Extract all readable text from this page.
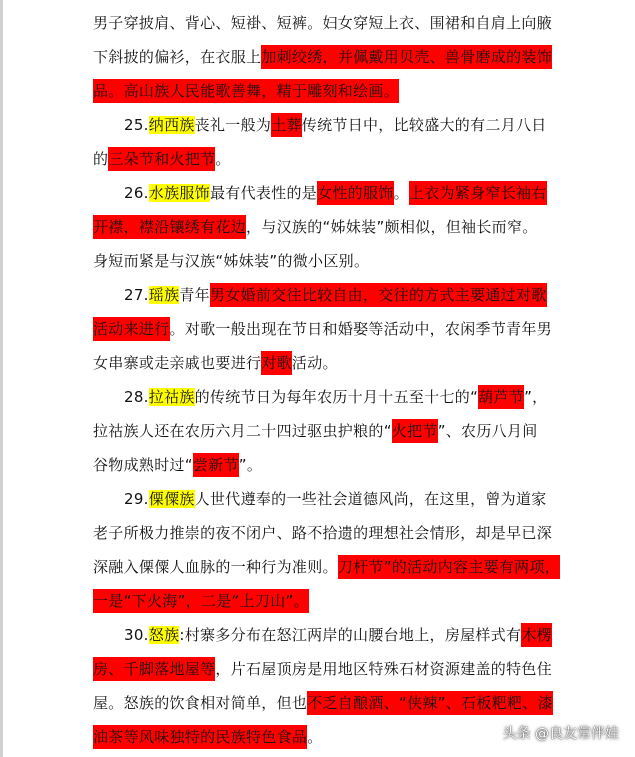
男子穿披肩、背心、短褂、短裤。妇女穿短上衣、围裙和自肩上向腋
下斜披的偏衫，在衣服上加刺绞绣，并佩戴用贝壳、兽骨磨成的装饰
品。高山族人民能歌善舞，精于雕刻和绘画。
25.纳西族丧礼一般为土葬传统节日中，比较盛大的有二月八日
的三朵节和火把节。
26.水族服饰最有代表性的是女性的服饰。上衣为紧身窄长袖右
开襟，襟沿镶绣有花边，与汉族的“姊妹装”颇相似，但袖长而窄。
身短而紧是与汉族“姊妹装”的微小区别。
27.瑶族青年男女婚前交往比较自由，交往的方式主要通过对歌
活动来进行。对歌一般出现在节日和婚娶等活动中，农闲季节青年男
女串寨或走亲戚也要进行对歌活动。
28.拉祜族的传统节日为每年农历十月十五至十七的“葫芦节”，
拉祜族人还在农历六月二十四过驱虫护粮的“火把节”、农历八月间
谷物成熟时过“尝新节”。
29.傈僳族人世代遵奉的一些社会道德风尚，在这里，曾为道家
老子所极力推崇的夜不闭户、路不拾遗的理想社会情形，却是早已深
深融入傈僳人血脉的一种行为准则。刀杆节”的活动内容主要有两项，
一是“下火海”，二是“上刀山”。
30.怒族:村寨多分布在怒江两岸的山腰台地上，房屋样式有木楞
房、千脚落地屋等，片石屋顶房是用地区特殊石材资源建盖的特色住
屋。怒族的饮食相对简单，但也不乏自酿酒、“侠辣”、石板粑粑、漆
油茶等风味独特的民族特色食品。	头条 @良友常伴娃
